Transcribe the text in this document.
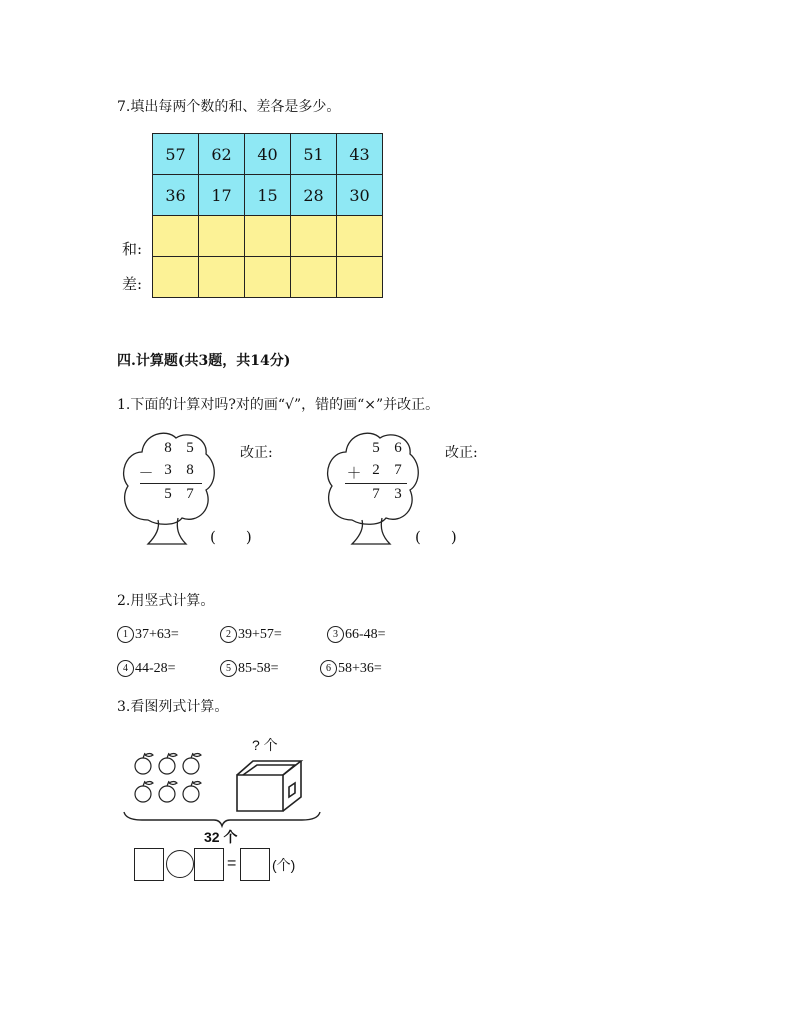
7.填出每两个数的和、差各是多少。
57	62	40	51	43
36	17	15	28	30

和:
差:
四.计算题(共3题，共14分)
1.下面的计算对吗?对的画“√”，错的画“×”并改正。
8 5
－ 3 8
5 7
改正:
(　　)
5 6
＋ 2 7
7 3
改正:
(　　)
2.用竖式计算。
1 37+63=	2 39+57=	3 66-48=
4 44-28=	5 85-58=	6 58+36=
3.看图列式计算。
? 个
32 个
=	(个)
